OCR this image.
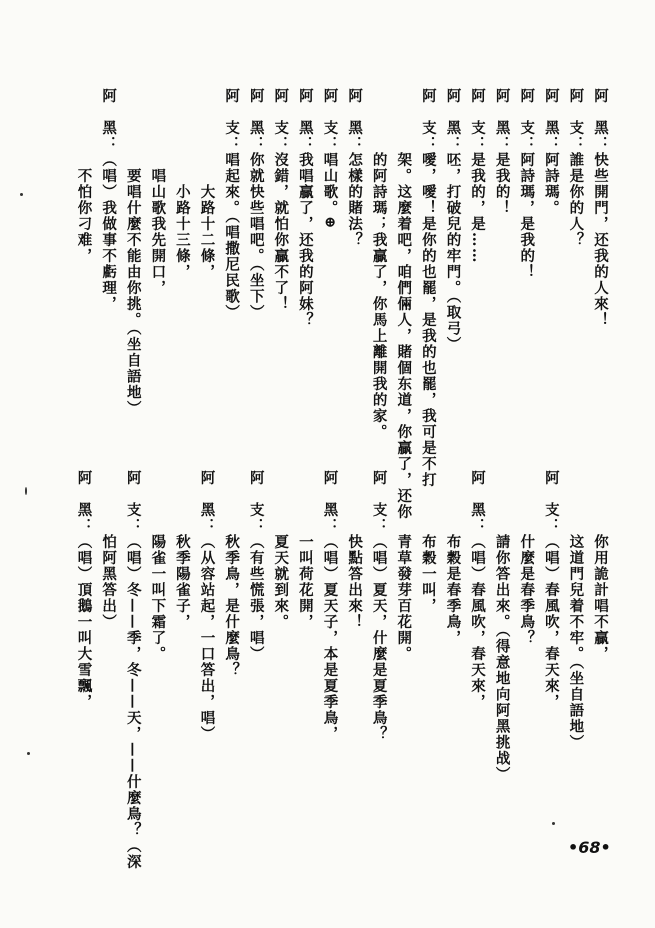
阿　黑：快些開門，还我的人來！
阿　支：誰是你的人？
阿　黑：阿詩瑪。
阿　支：阿詩瑪，是我的！
阿　黑：是我的！
阿　支：是我的，是……
阿　黑：呸，打破兒的牢門。（取弓）
阿　支：噯，噯！是你的也罷，是我的也罷，我可是不打
架。这麼着吧，咱們倆人，賭個东道，你贏了，还你
的阿詩瑪；我贏了，你馬上離開我的家。
阿　黑：怎樣的賭法？
阿　支：唱山歌。⊕
阿　黑：我唱贏了，还我的阿妹？
阿　支：沒錯，就怕你贏不了！
阿　黑：你就快些唱吧。（坐下）
阿　支：唱起來。（唱撒尼民歌）
大路十二條，
小路十三條，
唱山歌我先開口，
要唱什麼不能由你挑。（坐自語地）
阿　黑：（唱）我做事不虧理，
不怕你刁难，
你用詭計唱不贏，
这道門兒着不牢。（坐自語地）
阿　支：（唱）春風吹，春天來，
什麼是春季鳥？
請你答出來。（得意地向阿黑挑战）
阿　黑：（唱）春風吹，春天來，
布穀是春季鳥，
布穀一叫，
青草發芽百花開。
阿　支：（唱）夏天，什麼是夏季鳥？
快點答出來！
阿　黑：（唱）夏天子，本是夏季鳥，
一叫荷花開，
夏天就到來。
阿　支：（有些慌張，唱）
秋季鳥，是什麼鳥？
阿　黑：（从容站起，一口答出，唱）
秋季陽雀子，
陽雀一叫下霜了。
阿　支：（唱）冬——季，冬——天，——什麼鳥？（深
怕阿黑答出）
阿　黑：（唱）頂鵝一叫大雪飄，
•68•
